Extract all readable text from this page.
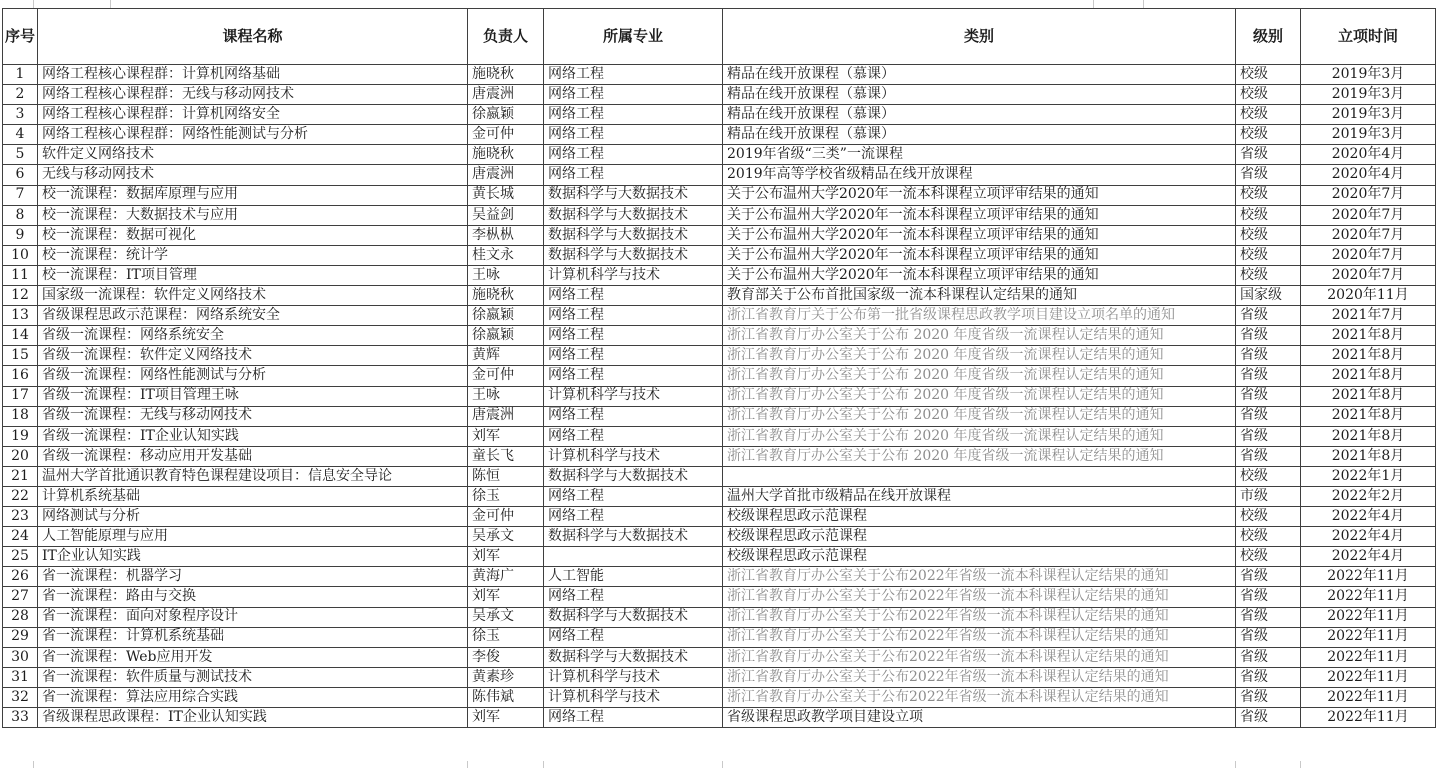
序号	课程名称	负责人	所属专业	类别	级别	立项时间
1	网络工程核心课程群：计算机网络基础	施晓秋	网络工程	精品在线开放课程（慕课）	校级	2019年3月
2	网络工程核心课程群：无线与移动网技术	唐震洲	网络工程	精品在线开放课程（慕课）	校级	2019年3月
3	网络工程核心课程群：计算机网络安全	徐嬴颖	网络工程	精品在线开放课程（慕课）	校级	2019年3月
4	网络工程核心课程群：网络性能测试与分析	金可仲	网络工程	精品在线开放课程（慕课）	校级	2019年3月
5	软件定义网络技术	施晓秋	网络工程	2019年省级“三类”一流课程	省级	2020年4月
6	无线与移动网技术	唐震洲	网络工程	2019年高等学校省级精品在线开放课程	省级	2020年4月
7	校一流课程：数据库原理与应用	黄长城	数据科学与大数据技术	关于公布温州大学2020年一流本科课程立项评审结果的通知	校级	2020年7月
8	校一流课程：大数据技术与应用	吴益剑	数据科学与大数据技术	关于公布温州大学2020年一流本科课程立项评审结果的通知	校级	2020年7月
9	校一流课程：数据可视化	李枞枞	数据科学与大数据技术	关于公布温州大学2020年一流本科课程立项评审结果的通知	校级	2020年7月
10	校一流课程：统计学	桂文永	数据科学与大数据技术	关于公布温州大学2020年一流本科课程立项评审结果的通知	校级	2020年7月
11	校一流课程：IT项目管理	王咏	计算机科学与技术	关于公布温州大学2020年一流本科课程立项评审结果的通知	校级	2020年7月
12	国家级一流课程：软件定义网络技术	施晓秋	网络工程	教育部关于公布首批国家级一流本科课程认定结果的通知	国家级	2020年11月
13	省级课程思政示范课程：网络系统安全	徐嬴颖	网络工程	浙江省教育厅关于公布第一批省级课程思政教学项目建设立项名单的通知	省级	2021年7月
14	省级一流课程：网络系统安全	徐嬴颖	网络工程	浙江省教育厅办公室关于公布 2020 年度省级一流课程认定结果的通知	省级	2021年8月
15	省级一流课程：软件定义网络技术	黄辉	网络工程	浙江省教育厅办公室关于公布 2020 年度省级一流课程认定结果的通知	省级	2021年8月
16	省级一流课程：网络性能测试与分析	金可仲	网络工程	浙江省教育厅办公室关于公布 2020 年度省级一流课程认定结果的通知	省级	2021年8月
17	省级一流课程：IT项目管理王咏	王咏	计算机科学与技术	浙江省教育厅办公室关于公布 2020 年度省级一流课程认定结果的通知	省级	2021年8月
18	省级一流课程：无线与移动网技术	唐震洲	网络工程	浙江省教育厅办公室关于公布 2020 年度省级一流课程认定结果的通知	省级	2021年8月
19	省级一流课程：IT企业认知实践	刘军	网络工程	浙江省教育厅办公室关于公布 2020 年度省级一流课程认定结果的通知	省级	2021年8月
20	省级一流课程：移动应用开发基础	童长飞	计算机科学与技术	浙江省教育厅办公室关于公布 2020 年度省级一流课程认定结果的通知	省级	2021年8月
21	温州大学首批通识教育特色课程建设项目：信息安全导论	陈恒	数据科学与大数据技术		校级	2022年1月
22	计算机系统基础	徐玉	网络工程	温州大学首批市级精品在线开放课程	市级	2022年2月
23	网络测试与分析	金可仲	网络工程	校级课程思政示范课程	校级	2022年4月
24	人工智能原理与应用	吴承文	数据科学与大数据技术	校级课程思政示范课程	校级	2022年4月
25	IT企业认知实践	刘军		校级课程思政示范课程	校级	2022年4月
26	省一流课程：机器学习	黄海广	人工智能	浙江省教育厅办公室关于公布2022年省级一流本科课程认定结果的通知	省级	2022年11月
27	省一流课程：路由与交换	刘军	网络工程	浙江省教育厅办公室关于公布2022年省级一流本科课程认定结果的通知	省级	2022年11月
28	省一流课程：面向对象程序设计	吴承文	数据科学与大数据技术	浙江省教育厅办公室关于公布2022年省级一流本科课程认定结果的通知	省级	2022年11月
29	省一流课程：计算机系统基础	徐玉	网络工程	浙江省教育厅办公室关于公布2022年省级一流本科课程认定结果的通知	省级	2022年11月
30	省一流课程：Web应用开发	李俊	数据科学与大数据技术	浙江省教育厅办公室关于公布2022年省级一流本科课程认定结果的通知	省级	2022年11月
31	省一流课程：软件质量与测试技术	黄素珍	计算机科学与技术	浙江省教育厅办公室关于公布2022年省级一流本科课程认定结果的通知	省级	2022年11月
32	省一流课程：算法应用综合实践	陈伟斌	计算机科学与技术	浙江省教育厅办公室关于公布2022年省级一流本科课程认定结果的通知	省级	2022年11月
33	省级课程思政课程：IT企业认知实践	刘军	网络工程	省级课程思政教学项目建设立项	省级	2022年11月
